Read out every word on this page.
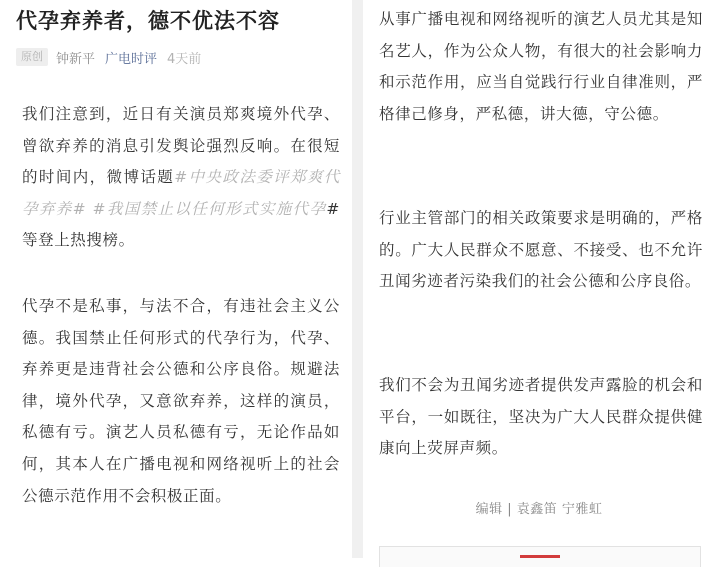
代孕弃养者，德不优法不容
原创	钟新平 广电时评 4天前
我们注意到，近日有关演员郑爽境外代孕、曾欲弃养的消息引发舆论强烈反响。在很短的时间内，微博话题#中央政法委评郑爽代孕弃养# #我国禁止以任何形式实施代孕#等登上热搜榜。
代孕不是私事，与法不合，有违社会主义公德。我国禁止任何形式的代孕行为，代孕、弃养更是违背社会公德和公序良俗。规避法律，境外代孕，又意欲弃养，这样的演员，私德有亏。演艺人员私德有亏，无论作品如何，其本人在广播电视和网络视听上的社会公德示范作用不会积极正面。
从事广播电视和网络视听的演艺人员尤其是知名艺人，作为公众人物，有很大的社会影响力和示范作用，应当自觉践行行业自律准则，严格律己修身，严私德，讲大德，守公德。
行业主管部门的相关政策要求是明确的，严格的。广大人民群众不愿意、不接受、也不允许丑闻劣迹者污染我们的社会公德和公序良俗。
我们不会为丑闻劣迹者提供发声露脸的机会和平台，一如既往，坚决为广大人民群众提供健康向上荧屏声频。
编辑 | 袁鑫笛 宁雅虹
